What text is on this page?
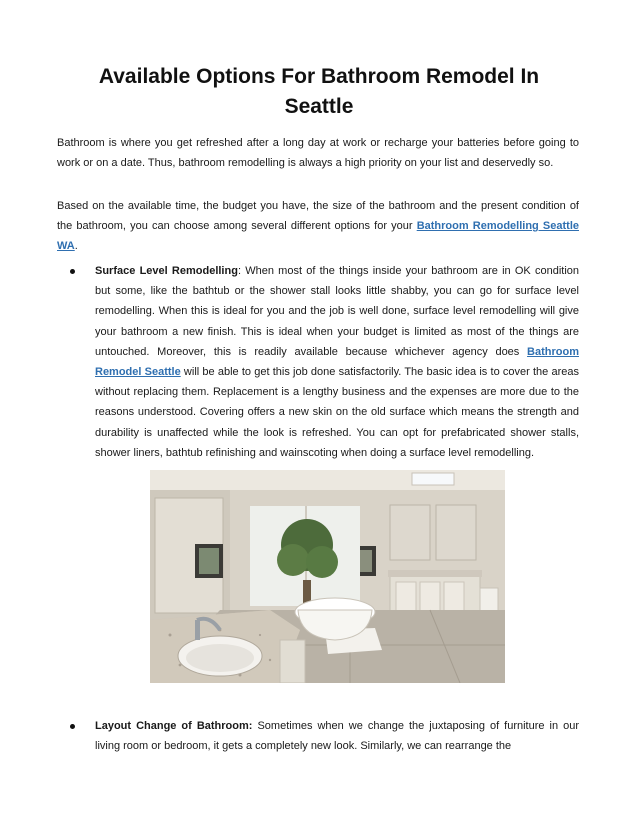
Available Options For Bathroom Remodel In Seattle

Bathroom is where you get refreshed after a long day at work or recharge your batteries before going to work or on a date. Thus, bathroom remodelling is always a high priority on your list and deservedly so.

Based on the available time, the budget you have, the size of the bathroom and the present condition of the bathroom, you can choose among several different options for your Bathroom Remodelling Seattle WA.

Surface Level Remodelling: When most of the things inside your bathroom are in OK condition but some, like the bathtub or the shower stall looks little shabby, you can go for surface level remodelling. When this is ideal for you and the job is well done, surface level remodelling will give your bathroom a new finish. This is ideal when your budget is limited as most of the things are untouched. Moreover, this is readily available because whichever agency does Bathroom Remodel Seattle will be able to get this job done satisfactorily. The basic idea is to cover the areas without replacing them. Replacement is a lengthy business and the expenses are more due to the reasons understood. Covering offers a new skin on the old surface which means the strength and durability is unaffected while the look is refreshed. You can opt for prefabricated shower stalls, shower liners, bathtub refinishing and wainscoting when doing a surface level remodelling.

Layout Change of Bathroom: Sometimes when we change the juxtaposing of furniture in our living room or bedroom, it gets a completely new look. Similarly, we can rearrange the
